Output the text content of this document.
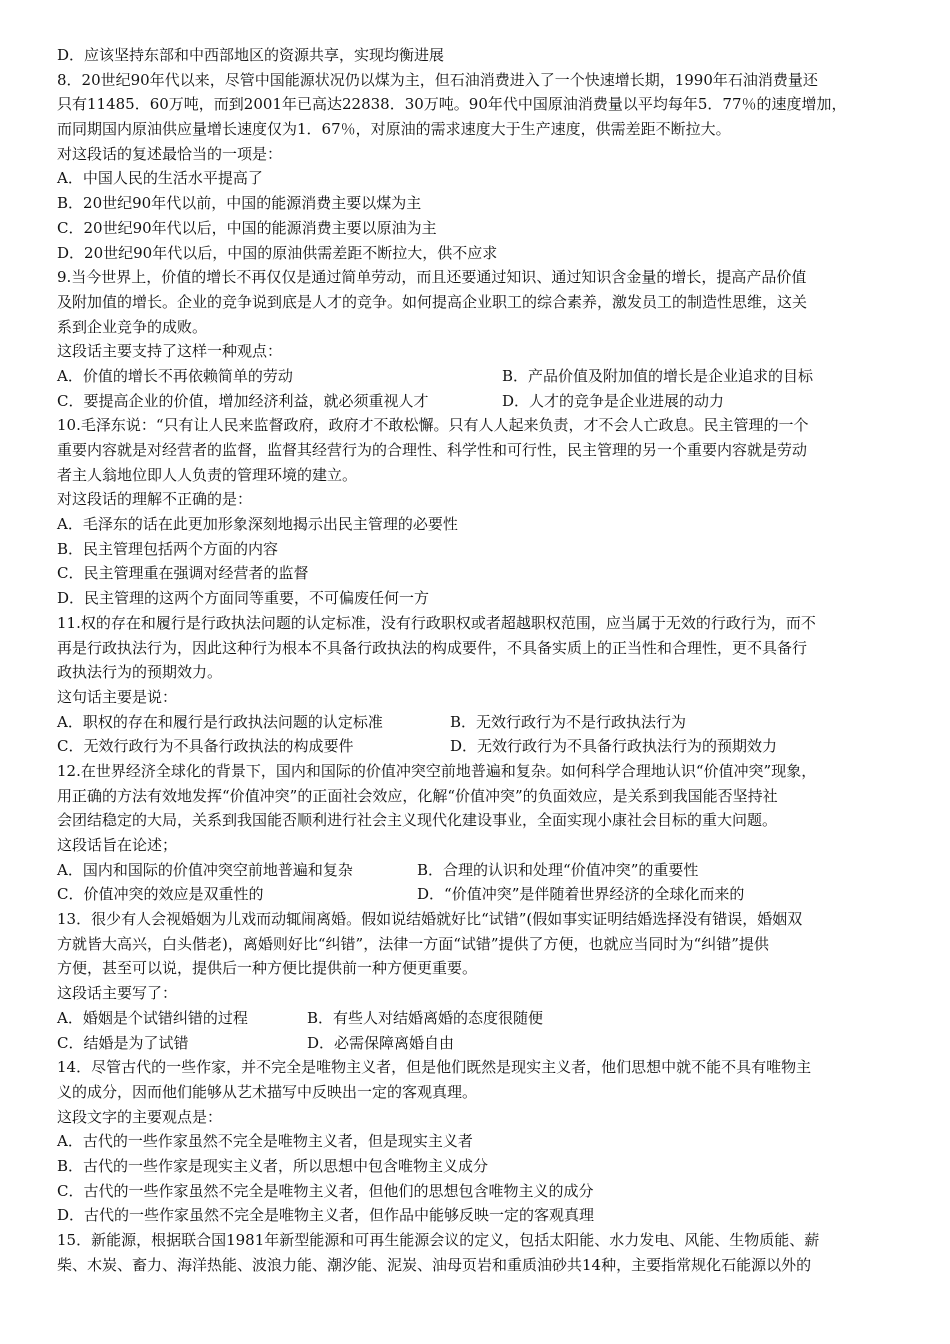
D．应该坚持东部和中西部地区的资源共享，实现均衡进展
8．20世纪90年代以来，尽管中国能源状况仍以煤为主，但石油消费进入了一个快速增长期，1990年石油消费量还
只有11485．60万吨，而到2001年已高达22838．30万吨。90年代中国原油消费量以平均每年5．77％的速度增加，
而同期国内原油供应量增长速度仅为1．67％，对原油的需求速度大于生产速度，供需差距不断拉大。
对这段话的复述最恰当的一项是：
A．中国人民的生活水平提高了
B．20世纪90年代以前，中国的能源消费主要以煤为主
C．20世纪90年代以后，中国的能源消费主要以原油为主
D．20世纪90年代以后，中国的原油供需差距不断拉大，供不应求
9.当今世界上，价值的增长不再仅仅是通过简单劳动，而且还要通过知识、通过知识含金量的增长，提高产品价值
及附加值的增长。企业的竞争说到底是人才的竞争。如何提高企业职工的综合素养，激发员工的制造性思维，这关
系到企业竞争的成败。
这段话主要支持了这样一种观点：
A．价值的增长不再依赖简单的劳动	B．产品价值及附加值的增长是企业追求的目标
C．要提高企业的价值，增加经济利益，就必须重视人才	D．人才的竞争是企业进展的动力
10.毛泽东说：“只有让人民来监督政府，政府才不敢松懈。只有人人起来负责，才不会人亡政息。民主管理的一个
重要内容就是对经营者的监督，监督其经营行为的合理性、科学性和可行性，民主管理的另一个重要内容就是劳动
者主人翁地位即人人负责的管理环境的建立。
对这段话的理解不正确的是：
A．毛泽东的话在此更加形象深刻地揭示出民主管理的必要性
B．民主管理包括两个方面的内容
C．民主管理重在强调对经营者的监督
D．民主管理的这两个方面同等重要，不可偏废任何一方
11.权的存在和履行是行政执法问题的认定标准，没有行政职权或者超越职权范围，应当属于无效的行政行为，而不
再是行政执法行为，因此这种行为根本不具备行政执法的构成要件，不具备实质上的正当性和合理性，更不具备行
政执法行为的预期效力。
这句话主要是说：
A．职权的存在和履行是行政执法问题的认定标准	B．无效行政行为不是行政执法行为
C．无效行政行为不具备行政执法的构成要件	D．无效行政行为不具备行政执法行为的预期效力
12.在世界经济全球化的背景下，国内和国际的价值冲突空前地普遍和复杂。如何科学合理地认识“价值冲突”现象，
用正确的方法有效地发挥“价值冲突”的正面社会效应，化解“价值冲突”的负面效应，是关系到我国能否坚持社
会团结稳定的大局，关系到我国能否顺利进行社会主义现代化建设事业，全面实现小康社会目标的重大问题。
这段话旨在论述；
A．国内和国际的价值冲突空前地普遍和复杂	B．合理的认识和处理“价值冲突”的重要性
C．价值冲突的效应是双重性的	D．“价值冲突”是伴随着世界经济的全球化而来的
13．很少有人会视婚姻为儿戏而动辄闹离婚。假如说结婚就好比“试错”(假如事实证明结婚选择没有错误，婚姻双
方就皆大高兴，白头偕老)，离婚则好比“纠错”，法律一方面“试错”提供了方便，也就应当同时为“纠错”提供
方便，甚至可以说，提供后一种方便比提供前一种方便更重要。
这段话主要写了：
A．婚姻是个试错纠错的过程	B．有些人对结婚离婚的态度很随便
C．结婚是为了试错	D．必需保障离婚自由
14．尽管古代的一些作家，并不完全是唯物主义者，但是他们既然是现实主义者，他们思想中就不能不具有唯物主
义的成分，因而他们能够从艺术描写中反映出一定的客观真理。
这段文字的主要观点是：
A．古代的一些作家虽然不完全是唯物主义者，但是现实主义者
B．古代的一些作家是现实主义者，所以思想中包含唯物主义成分
C．古代的一些作家虽然不完全是唯物主义者，但他们的思想包含唯物主义的成分
D．古代的一些作家虽然不完全是唯物主义者，但作品中能够反映一定的客观真理
15．新能源，根据联合国1981年新型能源和可再生能源会议的定义，包括太阳能、水力发电、风能、生物质能、薪
柴、木炭、畜力、海洋热能、波浪力能、潮汐能、泥炭、油母页岩和重质油砂共14种，主要指常规化石能源以外的
